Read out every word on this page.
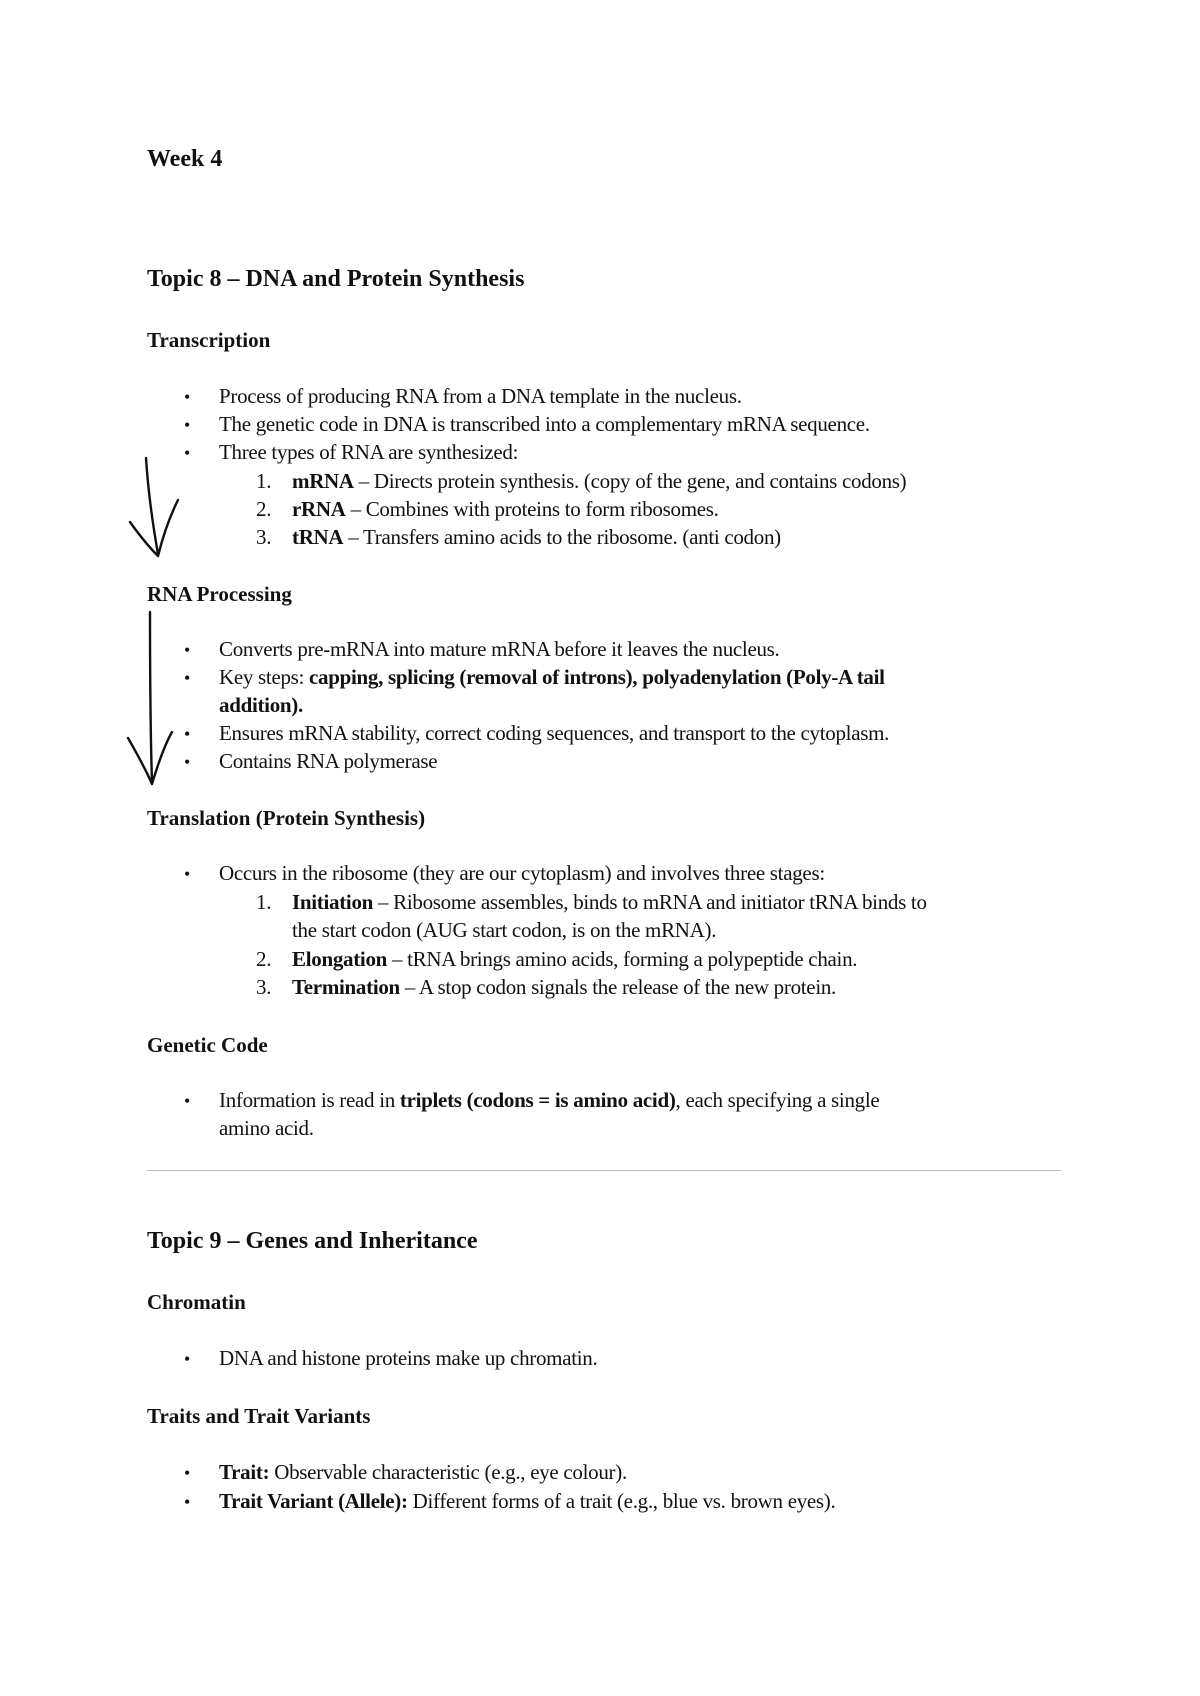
Week 4
Topic 8 – DNA and Protein Synthesis
Transcription
• Process of producing RNA from a DNA template in the nucleus.
• The genetic code in DNA is transcribed into a complementary mRNA sequence.
• Three types of RNA are synthesized:
1. mRNA – Directs protein synthesis. (copy of the gene, and contains codons)
2. rRNA – Combines with proteins to form ribosomes.
3. tRNA – Transfers amino acids to the ribosome. (anti codon)
RNA Processing
• Converts pre-mRNA into mature mRNA before it leaves the nucleus.
• Key steps: capping, splicing (removal of introns), polyadenylation (Poly-A tail
addition).
• Ensures mRNA stability, correct coding sequences, and transport to the cytoplasm.
• Contains RNA polymerase
Translation (Protein Synthesis)
• Occurs in the ribosome (they are our cytoplasm) and involves three stages:
1. Initiation – Ribosome assembles, binds to mRNA and initiator tRNA binds to
the start codon (AUG start codon, is on the mRNA).
2. Elongation – tRNA brings amino acids, forming a polypeptide chain.
3. Termination – A stop codon signals the release of the new protein.
Genetic Code
• Information is read in triplets (codons = is amino acid), each specifying a single
amino acid.
Topic 9 – Genes and Inheritance
Chromatin
• DNA and histone proteins make up chromatin.
Traits and Trait Variants
• Trait: Observable characteristic (e.g., eye colour).
• Trait Variant (Allele): Different forms of a trait (e.g., blue vs. brown eyes).
